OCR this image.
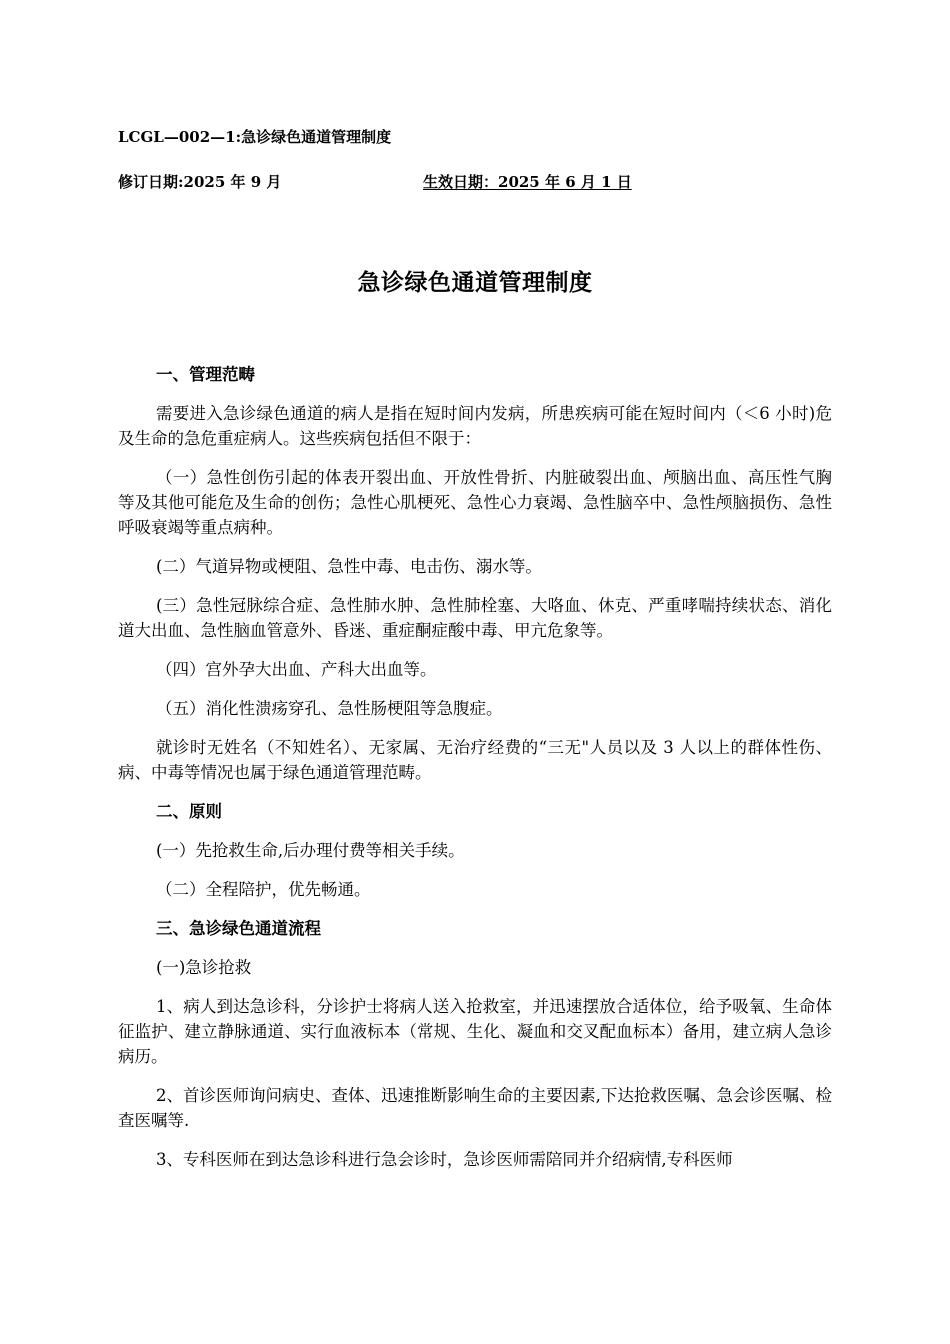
LCGL—002—1:急诊绿色通道管理制度
修订日期:2025 年 9 月	生效日期：2025 年 6 月 1 日
急诊绿色通道管理制度
一、管理范畴

需要进入急诊绿色通道的病人是指在短时间内发病，所患疾病可能在短时间内（＜6 小时)危及生命的急危重症病人。这些疾病包括但不限于：

（一）急性创伤引起的体表开裂出血、开放性骨折、内脏破裂出血、颅脑出血、高压性气胸等及其他可能危及生命的创伤；急性心肌梗死、急性心力衰竭、急性脑卒中、急性颅脑损伤、急性呼吸衰竭等重点病种。

(二）气道异物或梗阻、急性中毒、电击伤、溺水等。

(三）急性冠脉综合症、急性肺水肿、急性肺栓塞、大咯血、休克、严重哮喘持续状态、消化道大出血、急性脑血管意外、昏迷、重症酮症酸中毒、甲亢危象等。

（四）宫外孕大出血、产科大出血等。

（五）消化性溃疡穿孔、急性肠梗阻等急腹症。

就诊时无姓名（不知姓名）、无家属、无治疗经费的“三无"人员以及 3 人以上的群体性伤、病、中毒等情况也属于绿色通道管理范畴。

二、原则

(一）先抢救生命,后办理付费等相关手续。

（二）全程陪护，优先畅通。

三、急诊绿色通道流程

(一)急诊抢救

1、病人到达急诊科，分诊护士将病人送入抢救室，并迅速摆放合适体位，给予吸氧、生命体征监护、建立静脉通道、实行血液标本（常规、生化、凝血和交叉配血标本）备用，建立病人急诊病历。

2、首诊医师询问病史、查体、迅速推断影响生命的主要因素,下达抢救医嘱、急会诊医嘱、检查医嘱等.

3、专科医师在到达急诊科进行急会诊时，急诊医师需陪同并介绍病情,专科医师
